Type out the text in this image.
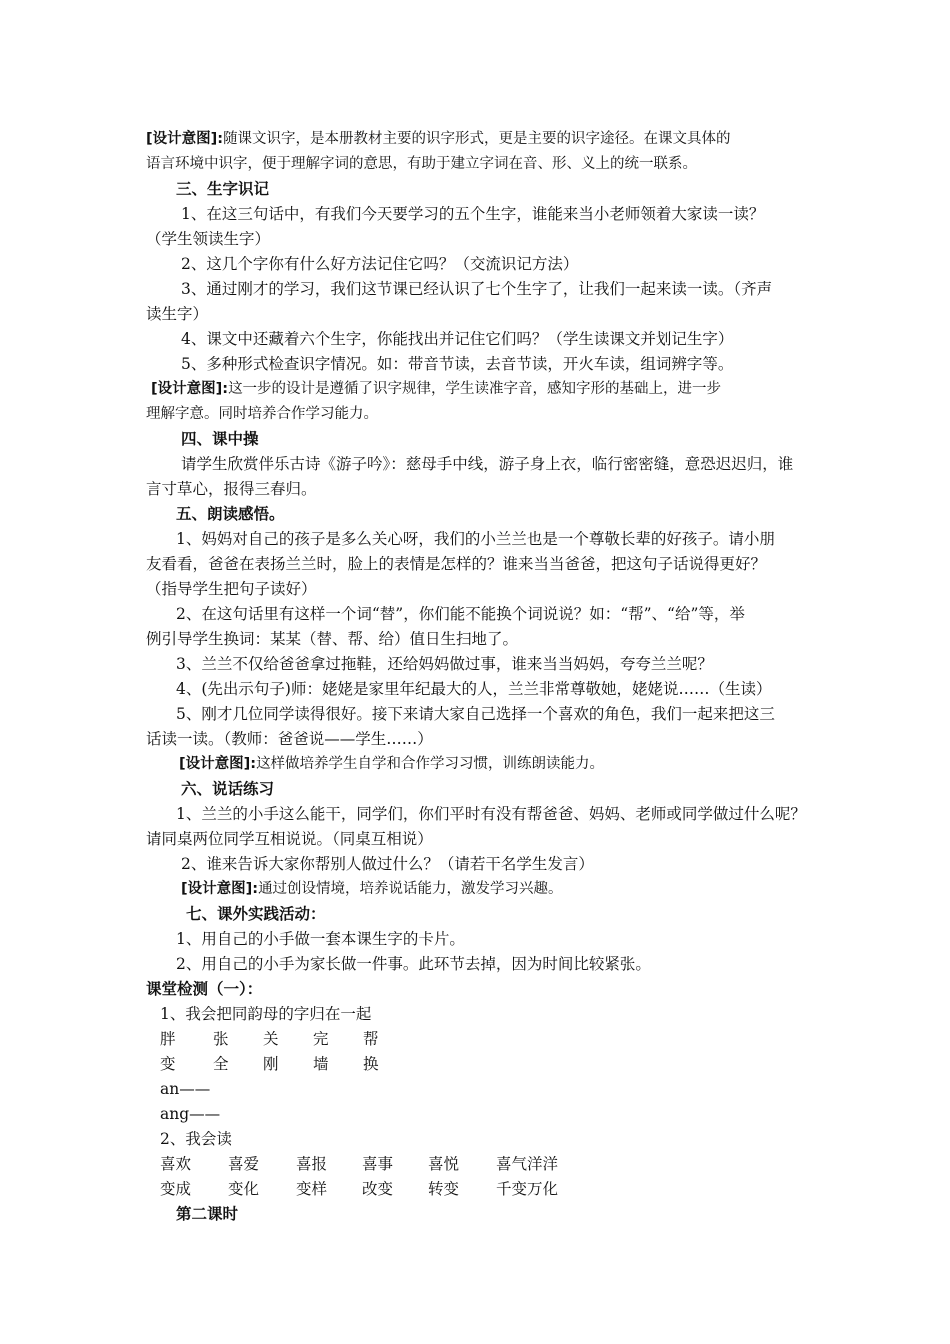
[设计意图]:随课文识字，是本册教材主要的识字形式，更是主要的识字途径。在课文具体的
语言环境中识字，便于理解字词的意思，有助于建立字词在音、形、义上的统一联系。
三、生字识记
1、在这三句话中，有我们今天要学习的五个生字，谁能来当小老师领着大家读一读？
（学生领读生字）
2、这几个字你有什么好方法记住它吗？（交流识记方法）
3、通过刚才的学习，我们这节课已经认识了七个生字了，让我们一起来读一读。（齐声
读生字）
4、课文中还藏着六个生字，你能找出并记住它们吗？（学生读课文并划记生字）
5、多种形式检查识字情况。如：带音节读，去音节读，开火车读，组词辨字等。
[设计意图]:这一步的设计是遵循了识字规律，学生读准字音，感知字形的基础上，进一步
理解字意。同时培养合作学习能力。
四、课中操
请学生欣赏伴乐古诗《游子吟》：慈母手中线，游子身上衣，临行密密缝，意恐迟迟归，谁
言寸草心，报得三春归。
五、朗读感悟。
1、妈妈对自己的孩子是多么关心呀，我们的小兰兰也是一个尊敬长辈的好孩子。请小朋
友看看，爸爸在表扬兰兰时，脸上的表情是怎样的？谁来当当爸爸，把这句子话说得更好？
（指导学生把句子读好）
2、在这句话里有这样一个词“替”，你们能不能换个词说说？如：“帮”、“给”等，举
例引导学生换词：某某（替、帮、给）值日生扫地了。
3、兰兰不仅给爸爸拿过拖鞋，还给妈妈做过事，谁来当当妈妈，夸夸兰兰呢？
4、(先出示句子)师：姥姥是家里年纪最大的人，兰兰非常尊敬她，姥姥说……（生读）
5、刚才几位同学读得很好。接下来请大家自己选择一个喜欢的角色，我们一起来把这三
话读一读。（教师：爸爸说——学生……）
[设计意图]:这样做培养学生自学和合作学习习惯，训练朗读能力。
六、说话练习
1、兰兰的小手这么能干，同学们，你们平时有没有帮爸爸、妈妈、老师或同学做过什么呢？
请同桌两位同学互相说说。（同桌互相说）
2、谁来告诉大家你帮别人做过什么？（请若干名学生发言）
[设计意图]:通过创设情境，培养说话能力，激发学习兴趣。
七、课外实践活动：
1、用自己的小手做一套本课生字的卡片。
2、用自己的小手为家长做一件事。此环节去掉，因为时间比较紧张。
课堂检测（一）：
1、我会把同韵母的字归在一起
2、我会读
第二课时
胖 张 关 完 帮
变 全 刚 墙 换
an——
ang——
喜欢 喜爱 喜报 喜事 喜悦 喜气洋洋
变成 变化 变样 改变 转变 千变万化
